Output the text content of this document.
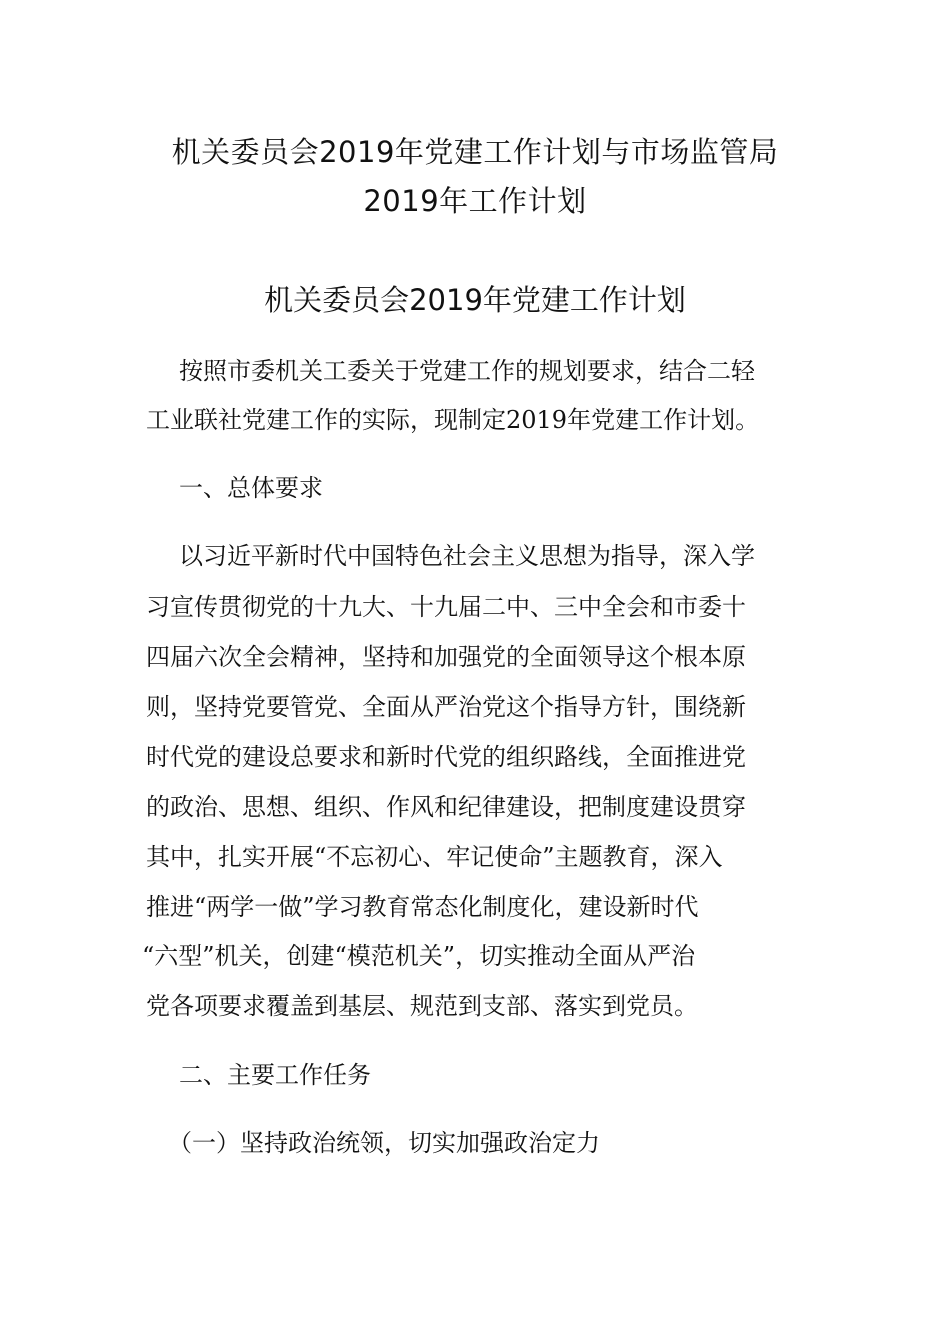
机关委员会2019年党建工作计划与市场监管局
2019年工作计划
机关委员会2019年党建工作计划
按照市委机关工委关于党建工作的规划要求，结合二轻
工业联社党建工作的实际，现制定2019年党建工作计划。
一、总体要求
以习近平新时代中国特色社会主义思想为指导，深入学
习宣传贯彻党的十九大、十九届二中、三中全会和市委十
四届六次全会精神，坚持和加强党的全面领导这个根本原
则，坚持党要管党、全面从严治党这个指导方针，围绕新
时代党的建设总要求和新时代党的组织路线，全面推进党
的政治、思想、组织、作风和纪律建设，把制度建设贯穿
其中，扎实开展“不忘初心、牢记使命”主题教育，深入
推进“两学一做”学习教育常态化制度化，建设新时代
“六型”机关，创建“模范机关”，切实推动全面从严治
党各项要求覆盖到基层、规范到支部、落实到党员。
二、主要工作任务
（一）坚持政治统领，切实加强政治定力
